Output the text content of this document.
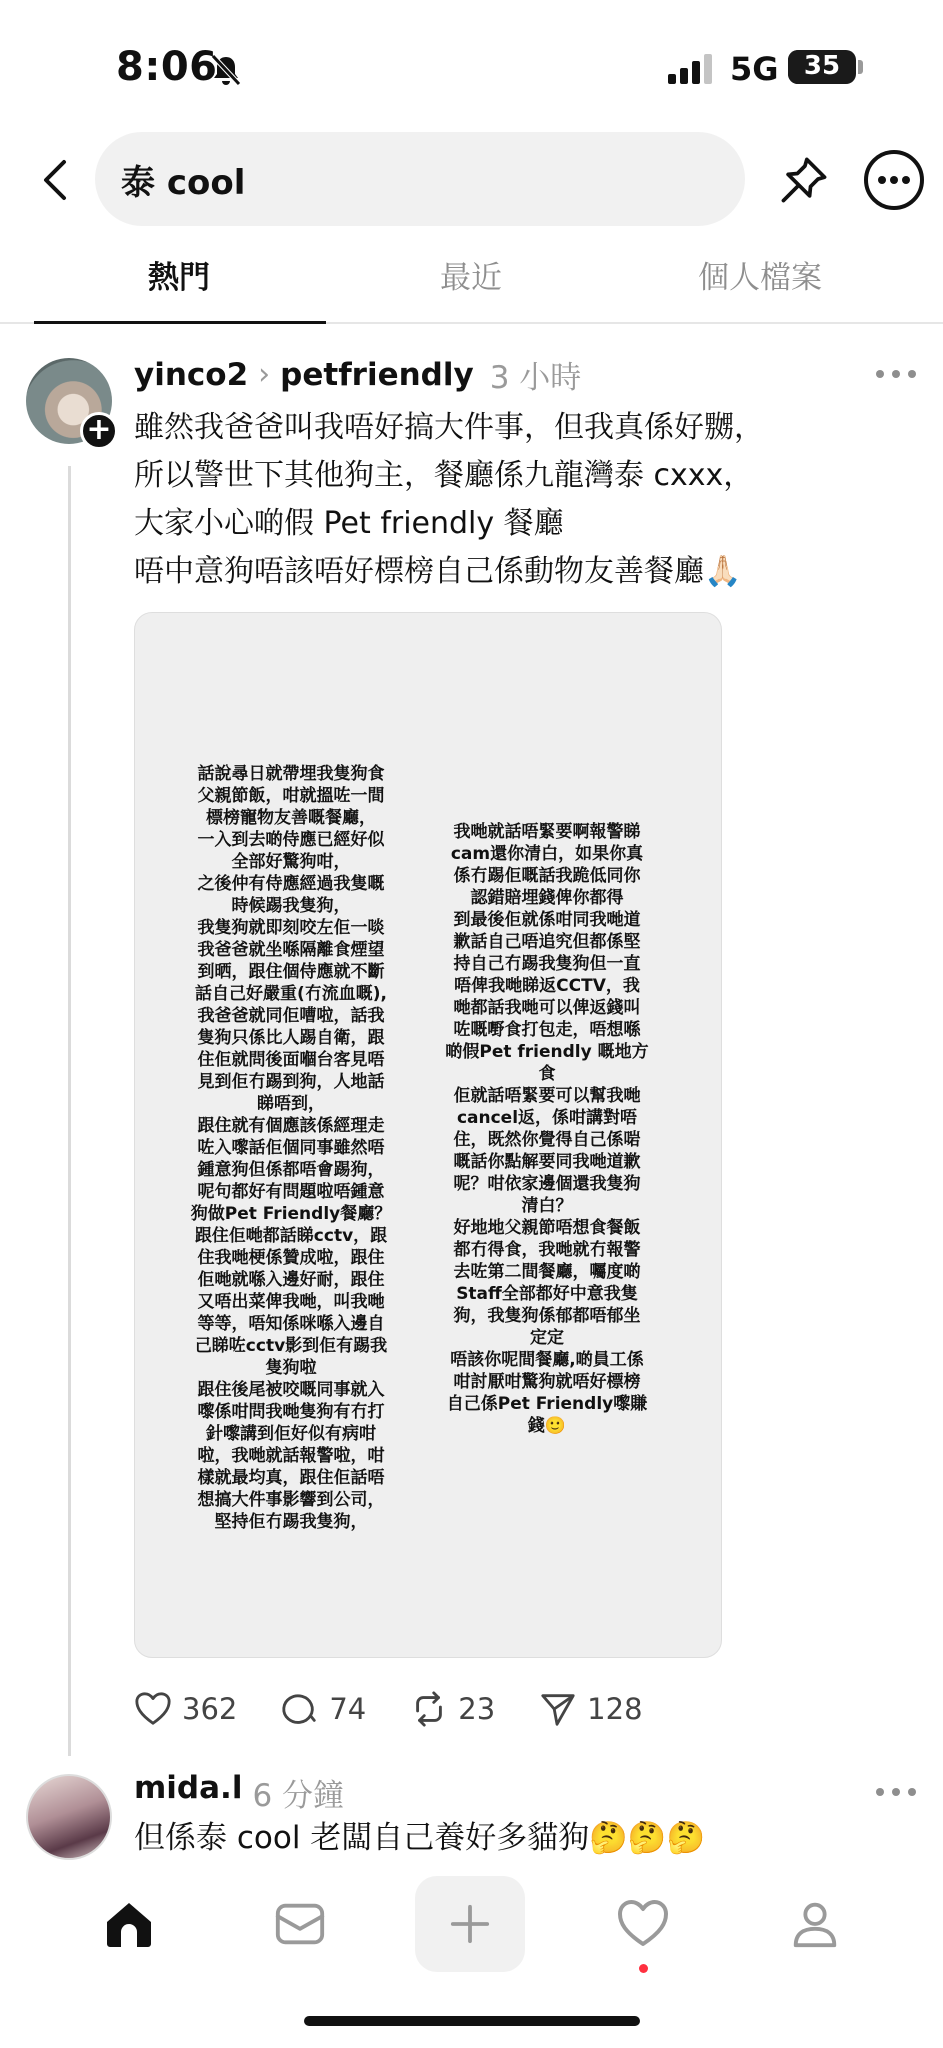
8:06	5G 35
泰 cool
熱門	最近	個人檔案
+
yinco2 › petfriendly 3 小時
雖然我爸爸叫我唔好搞大件事，但我真係好嬲，
所以警世下其他狗主，餐廳係九龍灣泰 cxxx，
大家小心啲假 Pet friendly 餐廳
唔中意狗唔該唔好標榜自己係動物友善餐廳🙏🏻
話說尋日就帶埋我隻狗食
父親節飯，咁就搵咗一間
標榜寵物友善嘅餐廳，
一入到去啲侍應已經好似
全部好驚狗咁，
之後仲有侍應經過我隻嘅
時候踢我隻狗，
我隻狗就即刻咬左佢一啖
我爸爸就坐喺隔離食煙望
到晒，跟住個侍應就不斷
話自己好嚴重(冇流血嘅),
我爸爸就同佢嘈啦，話我
隻狗只係比人踢自衛，跟
住佢就問後面嗰台客見唔
見到佢冇踢到狗，人地話
睇唔到，
跟住就有個應該係經理走
咗入嚟話佢個同事雖然唔
鍾意狗但係都唔會踢狗，
呢句都好有問題啦唔鍾意
狗做Pet Friendly餐廳？
跟住佢哋都話睇cctv，跟
住我哋梗係贊成啦，跟住
佢哋就喺入邊好耐，跟住
又唔出菜俾我哋，叫我哋
等等，唔知係咪喺入邊自
己睇咗cctv影到佢有踢我
隻狗啦
跟住後尾被咬嘅同事就入
嚟係咁問我哋隻狗有冇打
針嚟講到佢好似有病咁
啦，我哋就話報警啦，咁
樣就最均真，跟住佢話唔
想搞大件事影響到公司，
堅持佢冇踢我隻狗，
我哋就話唔緊要啊報警睇
cam還你清白，如果你真
係冇踢佢嘅話我跪低同你
認錯賠埋錢俾你都得
到最後佢就係咁同我哋道
歉話自己唔追究但都係堅
持自己冇踢我隻狗但一直
唔俾我哋睇返CCTV，我
哋都話我哋可以俾返錢叫
咗嘅嘢食打包走，唔想喺
啲假Pet friendly 嘅地方
食
佢就話唔緊要可以幫我哋
cancel返，係咁講對唔
住，既然你覺得自己係啱
嘅話你點解要同我哋道歉
呢？咁依家邊個還我隻狗
清白？
好地地父親節唔想食餐飯
都冇得食，我哋就冇報警
去咗第二間餐廳，囑度啲
Staff全部都好中意我隻
狗，我隻狗係郁都唔郁坐
定定
唔該你呢間餐廳,啲員工係
咁討厭咁驚狗就唔好標榜
自己係Pet Friendly嚟賺
錢🙂
362	74	23	128
mida.l 6 分鐘
但係泰 cool 老闆自己養好多貓狗🤔🤔🤔
